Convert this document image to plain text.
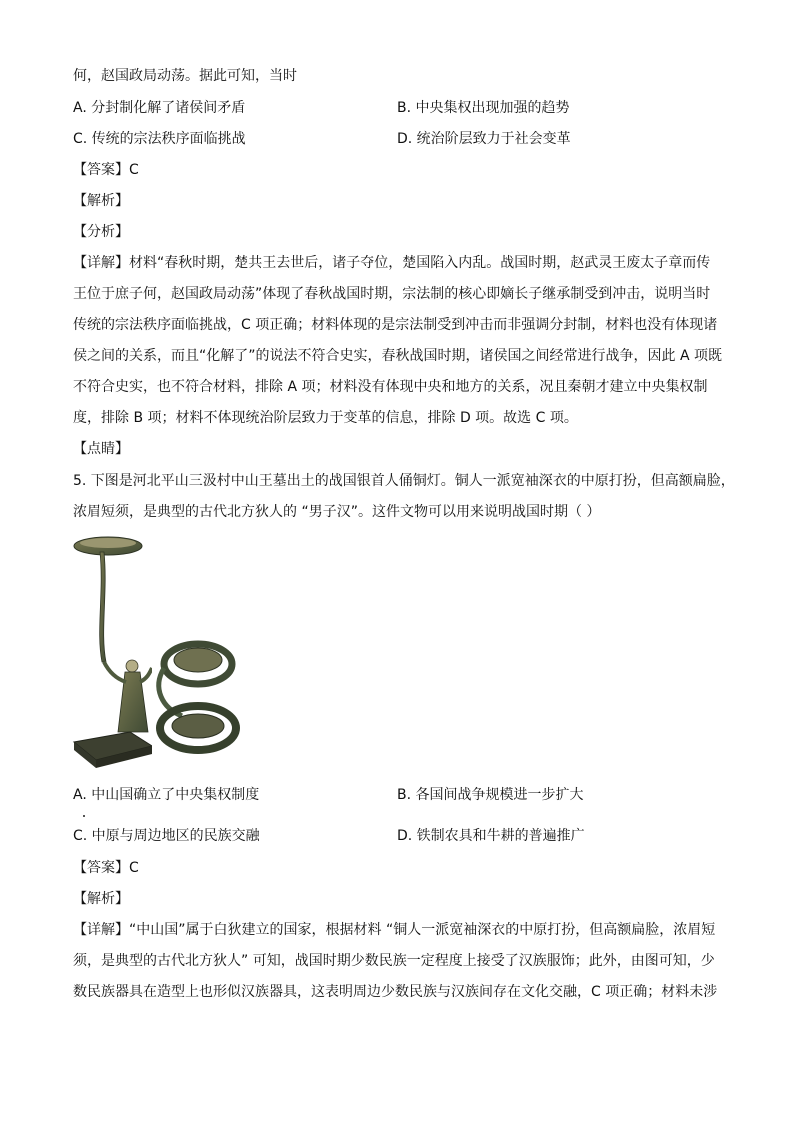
何，赵国政局动荡。据此可知，当时
A. 分封制化解了诸侯间矛盾	B. 中央集权出现加强的趋势
C. 传统的宗法秩序面临挑战	D. 统治阶层致力于社会变革
【答案】C
【解析】
【分析】
【详解】材料“春秋时期，楚共王去世后，诸子夺位，楚国陷入内乱。战国时期，赵武灵王废太子章而传
王位于庶子何，赵国政局动荡”体现了春秋战国时期，宗法制的核心即嫡长子继承制受到冲击，说明当时
传统的宗法秩序面临挑战，C 项正确；材料体现的是宗法制受到冲击而非强调分封制，材料也没有体现诸
侯之间的关系，而且“化解了”的说法不符合史实，春秋战国时期，诸侯国之间经常进行战争，因此 A 项既
不符合史实，也不符合材料，排除 A 项；材料没有体现中央和地方的关系，况且秦朝才建立中央集权制
度，排除 B 项；材料不体现统治阶层致力于变革的信息，排除 D 项。故选 C 项。
【点睛】
5. 下图是河北平山三汲村中山王墓出土的战国银首人俑铜灯。铜人一派宽袖深衣的中原打扮，但高额扁脸，
浓眉短须，是典型的古代北方狄人的 “男子汉”。这件文物可以用来说明战国时期（ ）
A. 中山国确立了中央集权制度	B. 各国间战争规模进一步扩大
C. 中原与周边地区的民族交融	D. 铁制农具和牛耕的普遍推广
【答案】C
【解析】
【详解】“中山国”属于白狄建立的国家，根据材料 “铜人一派宽袖深衣的中原打扮，但高额扁脸，浓眉短
须，是典型的古代北方狄人” 可知，战国时期少数民族一定程度上接受了汉族服饰；此外，由图可知，少
数民族器具在造型上也形似汉族器具，这表明周边少数民族与汉族间存在文化交融，C 项正确；材料未涉
